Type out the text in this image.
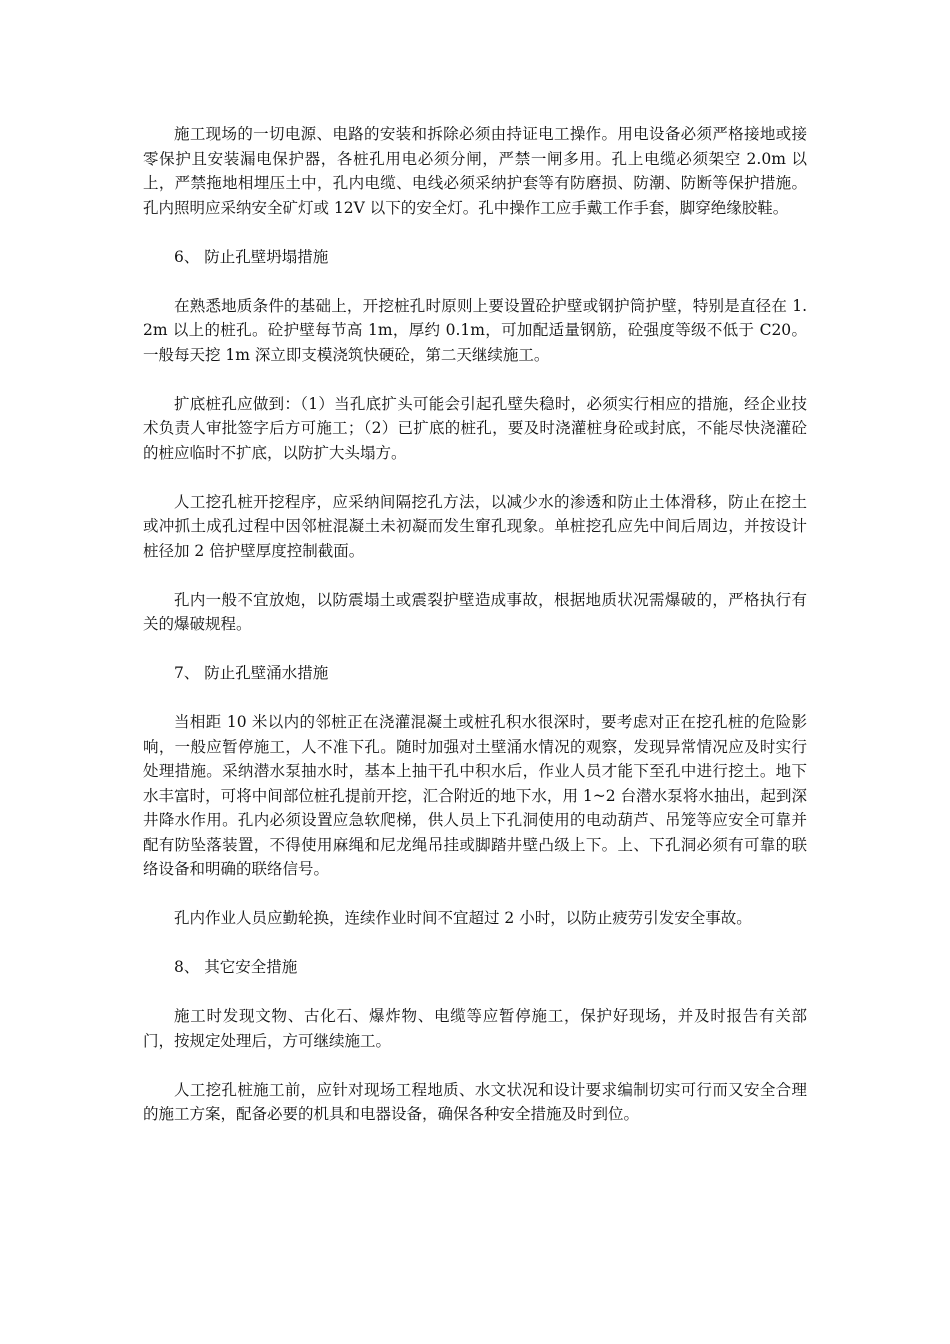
施工现场的一切电源、电路的安装和拆除必须由持证电工操作。用电设备必须严格接地或接零保护且安装漏电保护器，各桩孔用电必须分闸，严禁一闸多用。孔上电缆必须架空 2.0m 以上，严禁拖地相埋压土中，孔内电缆、电线必须采纳护套等有防磨损、防潮、防断等保护措施。孔内照明应采纳安全矿灯或 12V 以下的安全灯。孔中操作工应手戴工作手套，脚穿绝缘胶鞋。

6、 防止孔壁坍塌措施

在熟悉地质条件的基础上，开挖桩孔时原则上要设置砼护壁或钢护筒护壁，特别是直径在 1.2m 以上的桩孔。砼护壁每节高 1m，厚约 0.1m，可加配适量钢筋，砼强度等级不低于 C20。一般每天挖 1m 深立即支模浇筑快硬砼，第二天继续施工。

扩底桩孔应做到：（1）当孔底扩头可能会引起孔壁失稳时，必须实行相应的措施，经企业技术负责人审批签字后方可施工；（2）已扩底的桩孔，要及时浇灌桩身砼或封底，不能尽快浇灌砼的桩应临时不扩底，以防扩大头塌方。

人工挖孔桩开挖程序，应采纳间隔挖孔方法，以减少水的渗透和防止土体滑移，防止在挖土或冲抓土成孔过程中因邻桩混凝土未初凝而发生窜孔现象。单桩挖孔应先中间后周边，并按设计桩径加 2 倍护壁厚度控制截面。

孔内一般不宜放炮，以防震塌土或震裂护壁造成事故，根据地质状况需爆破的，严格执行有关的爆破规程。

7、 防止孔壁涌水措施

当相距 10 米以内的邻桩正在浇灌混凝土或桩孔积水很深时，要考虑对正在挖孔桩的危险影响，一般应暂停施工，人不准下孔。随时加强对土壁涌水情况的观察，发现异常情况应及时实行处理措施。采纳潜水泵抽水时，基本上抽干孔中积水后，作业人员才能下至孔中进行挖土。地下水丰富时，可将中间部位桩孔提前开挖，汇合附近的地下水，用 1~2 台潜水泵将水抽出，起到深井降水作用。孔内必须设置应急软爬梯，供人员上下孔洞使用的电动葫芦、吊笼等应安全可靠并配有防坠落装置，不得使用麻绳和尼龙绳吊挂或脚踏井壁凸级上下。上、下孔洞必须有可靠的联络设备和明确的联络信号。

孔内作业人员应勤轮换，连续作业时间不宜超过 2 小时，以防止疲劳引发安全事故。

8、 其它安全措施

施工时发现文物、古化石、爆炸物、电缆等应暂停施工，保护好现场，并及时报告有关部门，按规定处理后，方可继续施工。

人工挖孔桩施工前，应针对现场工程地质、水文状况和设计要求编制切实可行而又安全合理的施工方案，配备必要的机具和电器设备，确保各种安全措施及时到位。
